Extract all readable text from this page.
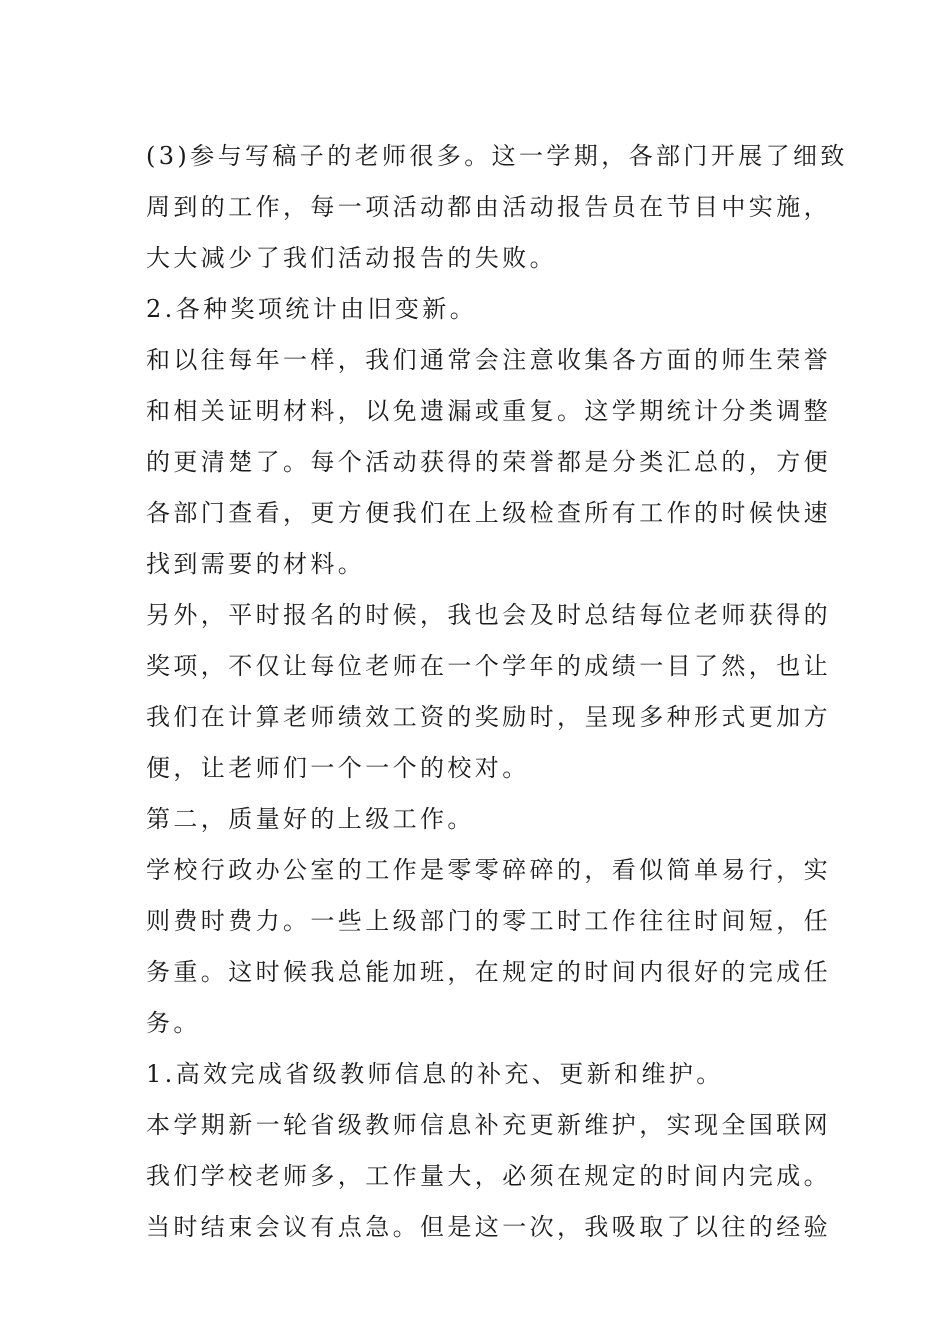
(3)参与写稿子的老师很多。这一学期，各部门开展了细致

周到的工作，每一项活动都由活动报告员在节目中实施，

大大减少了我们活动报告的失败。

2.各种奖项统计由旧变新。

和以往每年一样，我们通常会注意收集各方面的师生荣誉

和相关证明材料，以免遗漏或重复。这学期统计分类调整

的更清楚了。每个活动获得的荣誉都是分类汇总的，方便

各部门查看，更方便我们在上级检查所有工作的时候快速

找到需要的材料。

另外，平时报名的时候，我也会及时总结每位老师获得的

奖项，不仅让每位老师在一个学年的成绩一目了然，也让

我们在计算老师绩效工资的奖励时，呈现多种形式更加方

便，让老师们一个一个的校对。

第二，质量好的上级工作。

学校行政办公室的工作是零零碎碎的，看似简单易行，实

则费时费力。一些上级部门的零工时工作往往时间短，任

务重。这时候我总能加班，在规定的时间内很好的完成任

务。

1.高效完成省级教师信息的补充、更新和维护。

本学期新一轮省级教师信息补充更新维护，实现全国联网

我们学校老师多，工作量大，必须在规定的时间内完成。

当时结束会议有点急。但是这一次，我吸取了以往的经验
